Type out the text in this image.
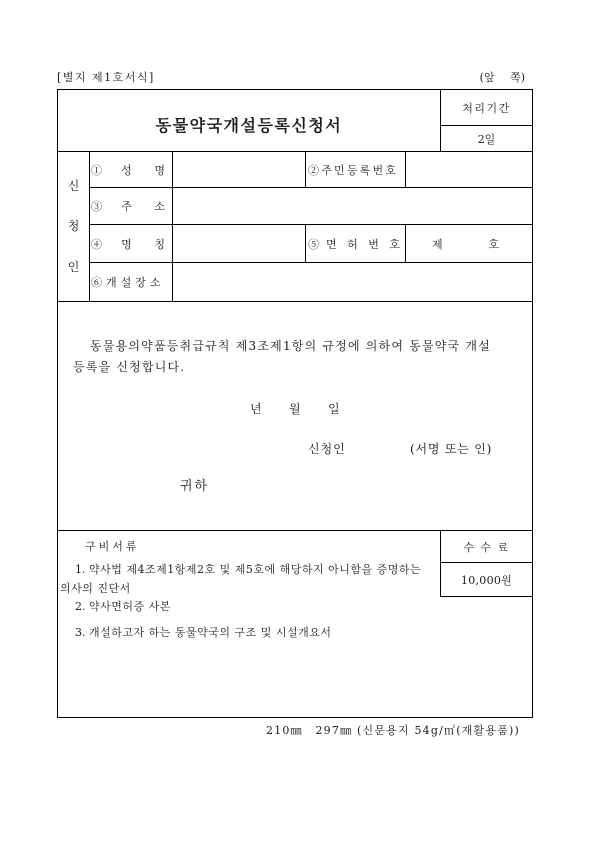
[별지 제1호서식]	(앞 쪽)
동물약국개설등록신청서
처리기간
2일
신청인
①성 명	②주민등록번호
③주 소
④명 칭	⑤면 허 번 호	제 호
⑥개설장소
동물용의약품등취급규칙 제3조제1항의 규정에 의하여 동물약국 개설
등록을 신청합니다.
년 월 일
신청인	(서명 또는 인)
귀하
구비서류
1. 약사법 제4조제1항제2호 및 제5호에 해당하지 아니함을 증명하는
의사의 진단서
2. 약사면허증 사본
3. 개설하고자 하는 동물약국의 구조 및 시설개요서
수 수 료
10,000원
210㎜ 297㎜ (신문용지 54g/㎡(재활용품))
